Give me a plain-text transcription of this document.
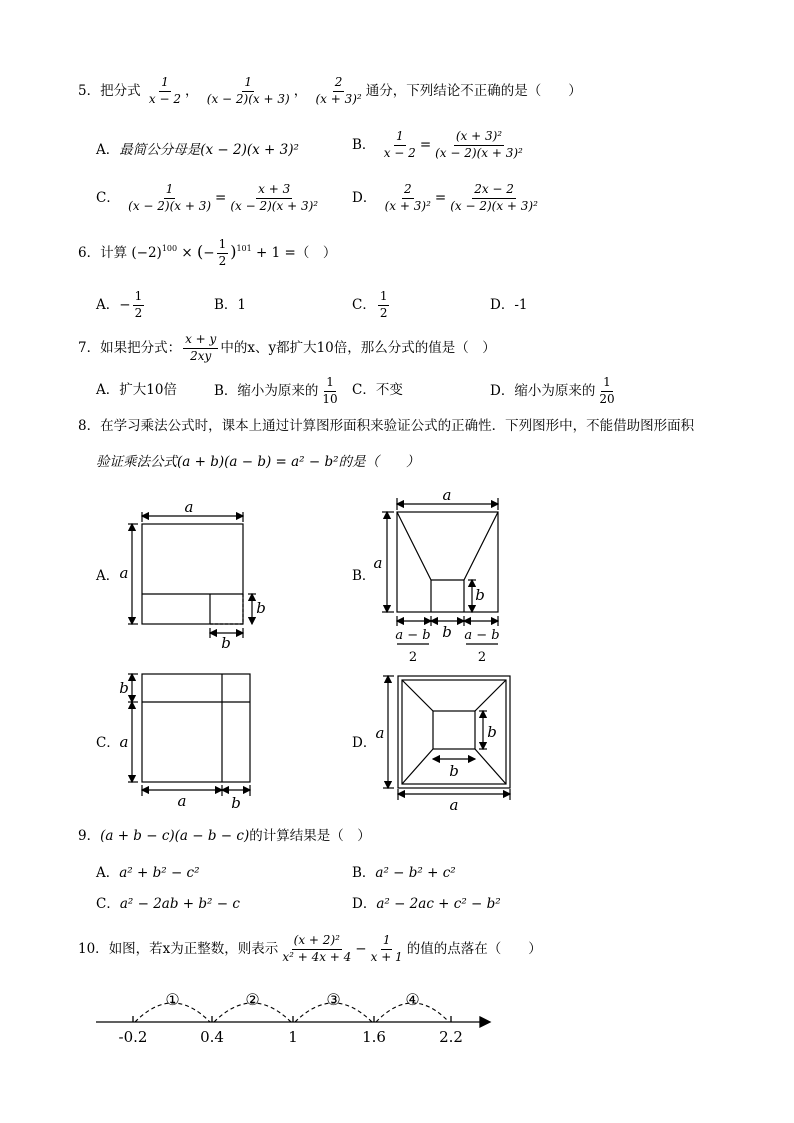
5．把分式 $\frac{1}{x - 2}$ ， $\frac{1}{(x - 2)(x + 3)}$ ， $\frac{2}{\text{(x + 3)²}}$ 通分，下列结论不正确的是（　　）
A．最简公分母是(x − 2)(x + 3)²	B． $\frac{1}{x - 2} = \frac{\text{(x + 3)²}}{\text{(x − 2)(x + 3)²}}$
C． $\frac{1}{(x - 2)(x + 3)} = \frac{x + 3}{\text{(x − 2)(x + 3)²}}$ D． $\frac{2}{\text{(x + 3)²}} = \frac{2x - 2}{\text{(x − 2)(x + 3)²}}$
6．计算 $(-2)^{100}$ × (− $\frac{1}{2} )^{101} + 1$ =（　）
A．− $\frac{1}{2}$	B．1	C． $\frac{1}{2}$	D．-1
7．如果把分式： $\frac{x + y}{2xy}$ 中的x、y都扩大10倍，那么分式的值是（　）
A．扩大10倍	B．缩小为原来的 $\frac{1}{10}$ C．不变	D．缩小为原来的 $\frac{1}{20}$
8．在学习乘法公式时，课本上通过计算图形面积来验证公式的正确性．下列图形中，不能借助图形面积
验证乘法公式(a + b)(a − b) = a² − b²的是（　　）
A．	B．
C．	D．
a
a
b
b
a
a
b
b
a − b
2
a − b
2
b
a
a	b
a	b
b
a
9．(a + b − c)(a − b − c)的计算结果是（　）
A．a² + b² − c²	B．a² − b² + c²
C．a² − 2ab + b² − c	D．a² − 2ac + c² − b²
10．如图，若x为正整数，则表示 $\frac{\text{(x + 2)²}}{\text{x² + 4x + 4}} - \frac{1}{x + 1}$ 的值的点落在（　　）
-0.2	0.4	1	1.6	2.2
①	②	③	④
